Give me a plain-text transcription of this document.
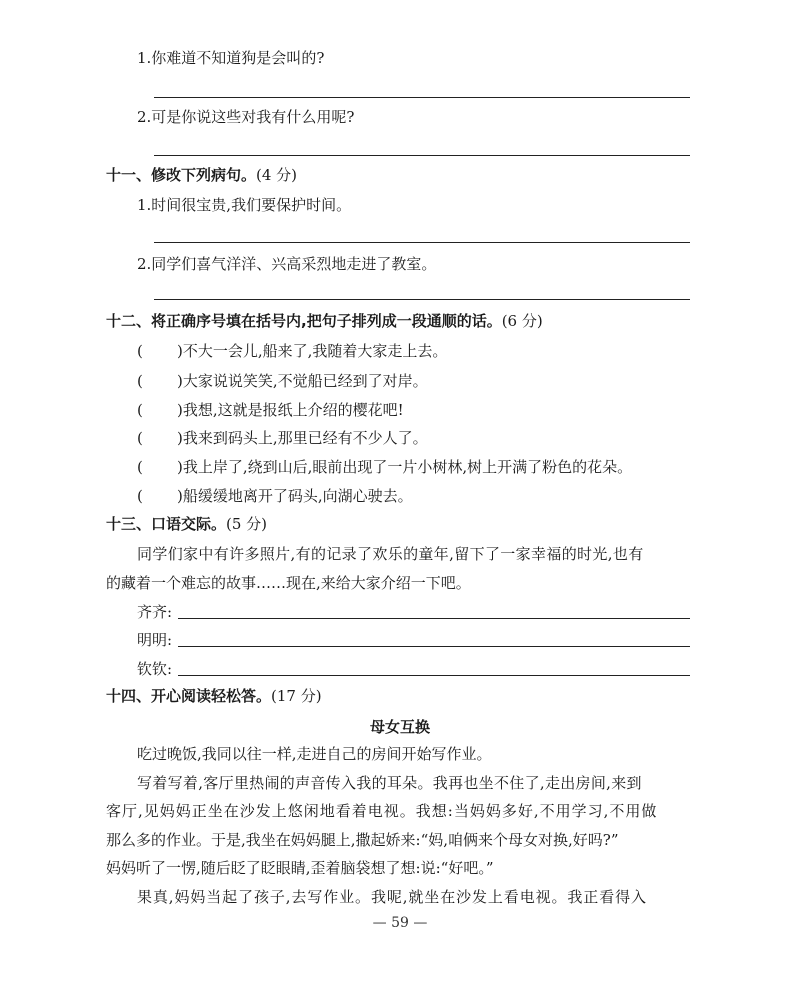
1.你难道不知道狗是会叫的?
2.可是你说这些对我有什么用呢?
十一、修改下列病句。(4 分)
1.时间很宝贵,我们要保护时间。
2.同学们喜气洋洋、兴高采烈地走进了教室。
十二、将正确序号填在括号内,把句子排列成一段通顺的话。(6 分)
( )不大一会儿,船来了,我随着大家走上去。
( )大家说说笑笑,不觉船已经到了对岸。
( )我想,这就是报纸上介绍的樱花吧!
( )我来到码头上,那里已经有不少人了。
( )我上岸了,绕到山后,眼前出现了一片小树林,树上开满了粉色的花朵。
( )船缓缓地离开了码头,向湖心驶去。
十三、口语交际。(5 分)
同学们家中有许多照片,有的记录了欢乐的童年,留下了一家幸福的时光,也有
的藏着一个难忘的故事……现在,来给大家介绍一下吧。
齐齐:
明明:
钦钦:
十四、开心阅读轻松答。(17 分)
母女互换
吃过晚饭,我同以往一样,走进自己的房间开始写作业。
写着写着,客厅里热闹的声音传入我的耳朵。我再也坐不住了,走出房间,来到
客厅,见妈妈正坐在沙发上悠闲地看着电视。我想:当妈妈多好,不用学习,不用做
那么多的作业。于是,我坐在妈妈腿上,撒起娇来:“妈,咱俩来个母女对换,好吗?”
妈妈听了一愣,随后眨了眨眼睛,歪着脑袋想了想:说:“好吧。”
果真,妈妈当起了孩子,去写作业。我呢,就坐在沙发上看电视。我正看得入
— 59 —
